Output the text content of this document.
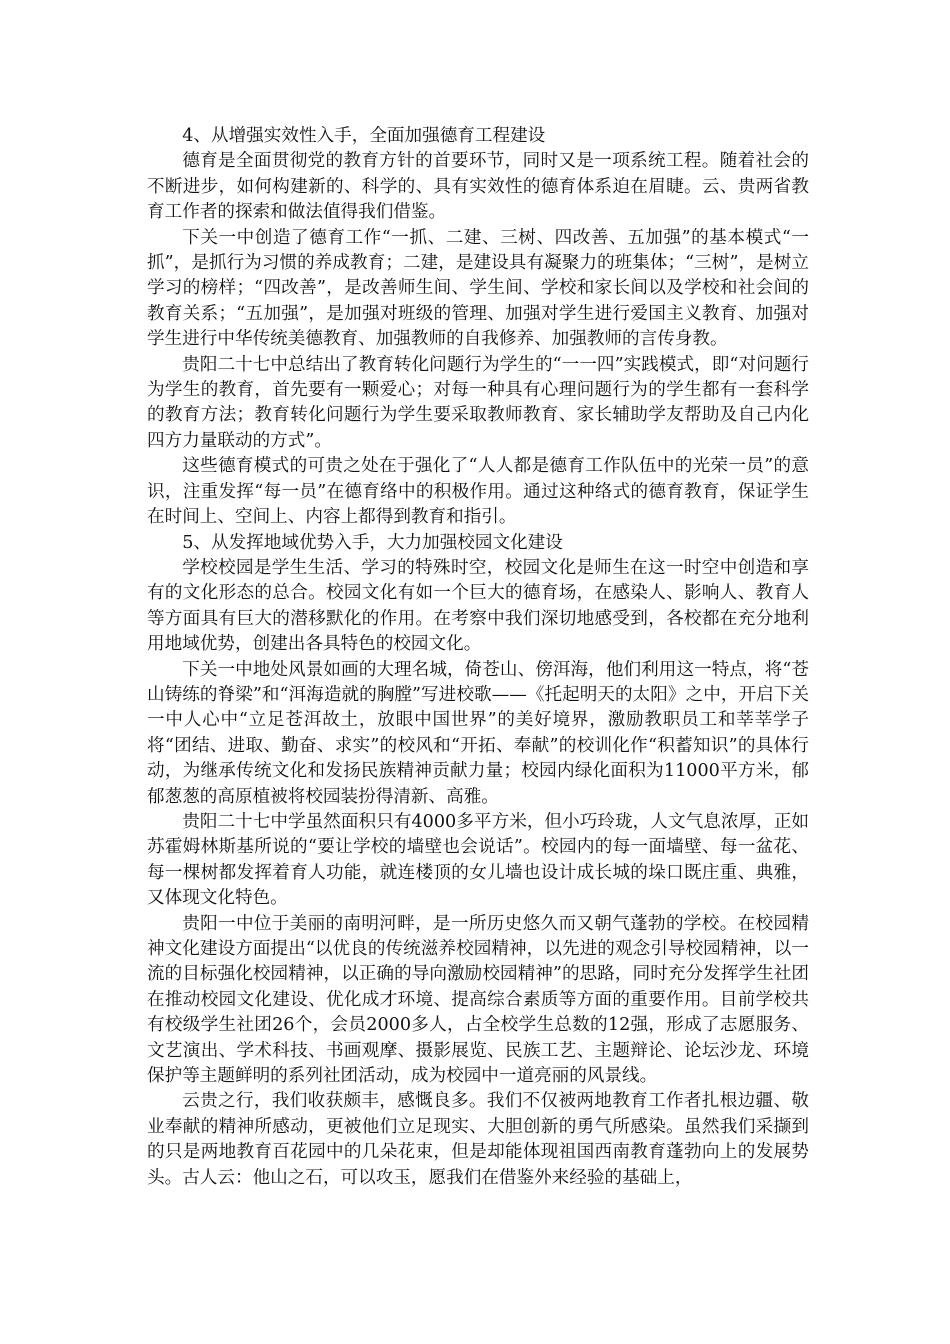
4、从增强实效性入手，全面加强德育工程建设

德育是全面贯彻党的教育方针的首要环节，同时又是一项系统工程。随着社会的不断进步，如何构建新的、科学的、具有实效性的德育体系迫在眉睫。云、贵两省教育工作者的探索和做法值得我们借鉴。

下关一中创造了德育工作“一抓、二建、三树、四改善、五加强”的基本模式“一抓”，是抓行为习惯的养成教育；二建，是建设具有凝聚力的班集体；“三树”，是树立学习的榜样；“四改善”，是改善师生间、学生间、学校和家长间以及学校和社会间的教育关系；“五加强”，是加强对班级的管理、加强对学生进行爱国主义教育、加强对学生进行中华传统美德教育、加强教师的自我修养、加强教师的言传身教。

贵阳二十七中总结出了教育转化问题行为学生的“一一四”实践模式，即“对问题行为学生的教育，首先要有一颗爱心；对每一种具有心理问题行为的学生都有一套科学的教育方法；教育转化问题行为学生要采取教师教育、家长辅助学友帮助及自己内化四方力量联动的方式”。

这些德育模式的可贵之处在于强化了“人人都是德育工作队伍中的光荣一员”的意识，注重发挥“每一员”在德育络中的积极作用。通过这种络式的德育教育，保证学生在时间上、空间上、内容上都得到教育和指引。

5、从发挥地域优势入手，大力加强校园文化建设

学校校园是学生生活、学习的特殊时空，校园文化是师生在这一时空中创造和享有的文化形态的总合。校园文化有如一个巨大的德育场，在感染人、影响人、教育人等方面具有巨大的潜移默化的作用。在考察中我们深切地感受到，各校都在充分地利用地域优势，创建出各具特色的校园文化。

下关一中地处风景如画的大理名城，倚苍山、傍洱海，他们利用这一特点，将“苍山铸练的脊梁”和“洱海造就的胸膛”写进校歌——《托起明天的太阳》之中，开启下关一中人心中“立足苍洱故土，放眼中国世界”的美好境界，激励教职员工和莘莘学子将“团结、进取、勤奋、求实”的校风和“开拓、奉献”的校训化作“积蓄知识”的具体行动，为继承传统文化和发扬民族精神贡献力量；校园内绿化面积为11000平方米，郁郁葱葱的高原植被将校园装扮得清新、高雅。

贵阳二十七中学虽然面积只有4000多平方米，但小巧玲珑，人文气息浓厚，正如苏霍姆林斯基所说的“要让学校的墙壁也会说话”。校园内的每一面墙壁、每一盆花、每一棵树都发挥着育人功能，就连楼顶的女儿墙也设计成长城的垛口既庄重、典雅，又体现文化特色。

贵阳一中位于美丽的南明河畔，是一所历史悠久而又朝气蓬勃的学校。在校园精神文化建设方面提出“以优良的传统滋养校园精神，以先进的观念引导校园精神，以一流的目标强化校园精神，以正确的导向激励校园精神”的思路，同时充分发挥学生社团在推动校园文化建设、优化成才环境、提高综合素质等方面的重要作用。目前学校共有校级学生社团26个，会员2000多人，占全校学生总数的12强，形成了志愿服务、文艺演出、学术科技、书画观摩、摄影展览、民族工艺、主题辩论、论坛沙龙、环境保护等主题鲜明的系列社团活动，成为校园中一道亮丽的风景线。

云贵之行，我们收获颇丰，感慨良多。我们不仅被两地教育工作者扎根边疆、敬业奉献的精神所感动，更被他们立足现实、大胆创新的勇气所感染。虽然我们采撷到的只是两地教育百花园中的几朵花束，但是却能体现祖国西南教育蓬勃向上的发展势头。古人云：他山之石，可以攻玉，愿我们在借鉴外来经验的基础上，
